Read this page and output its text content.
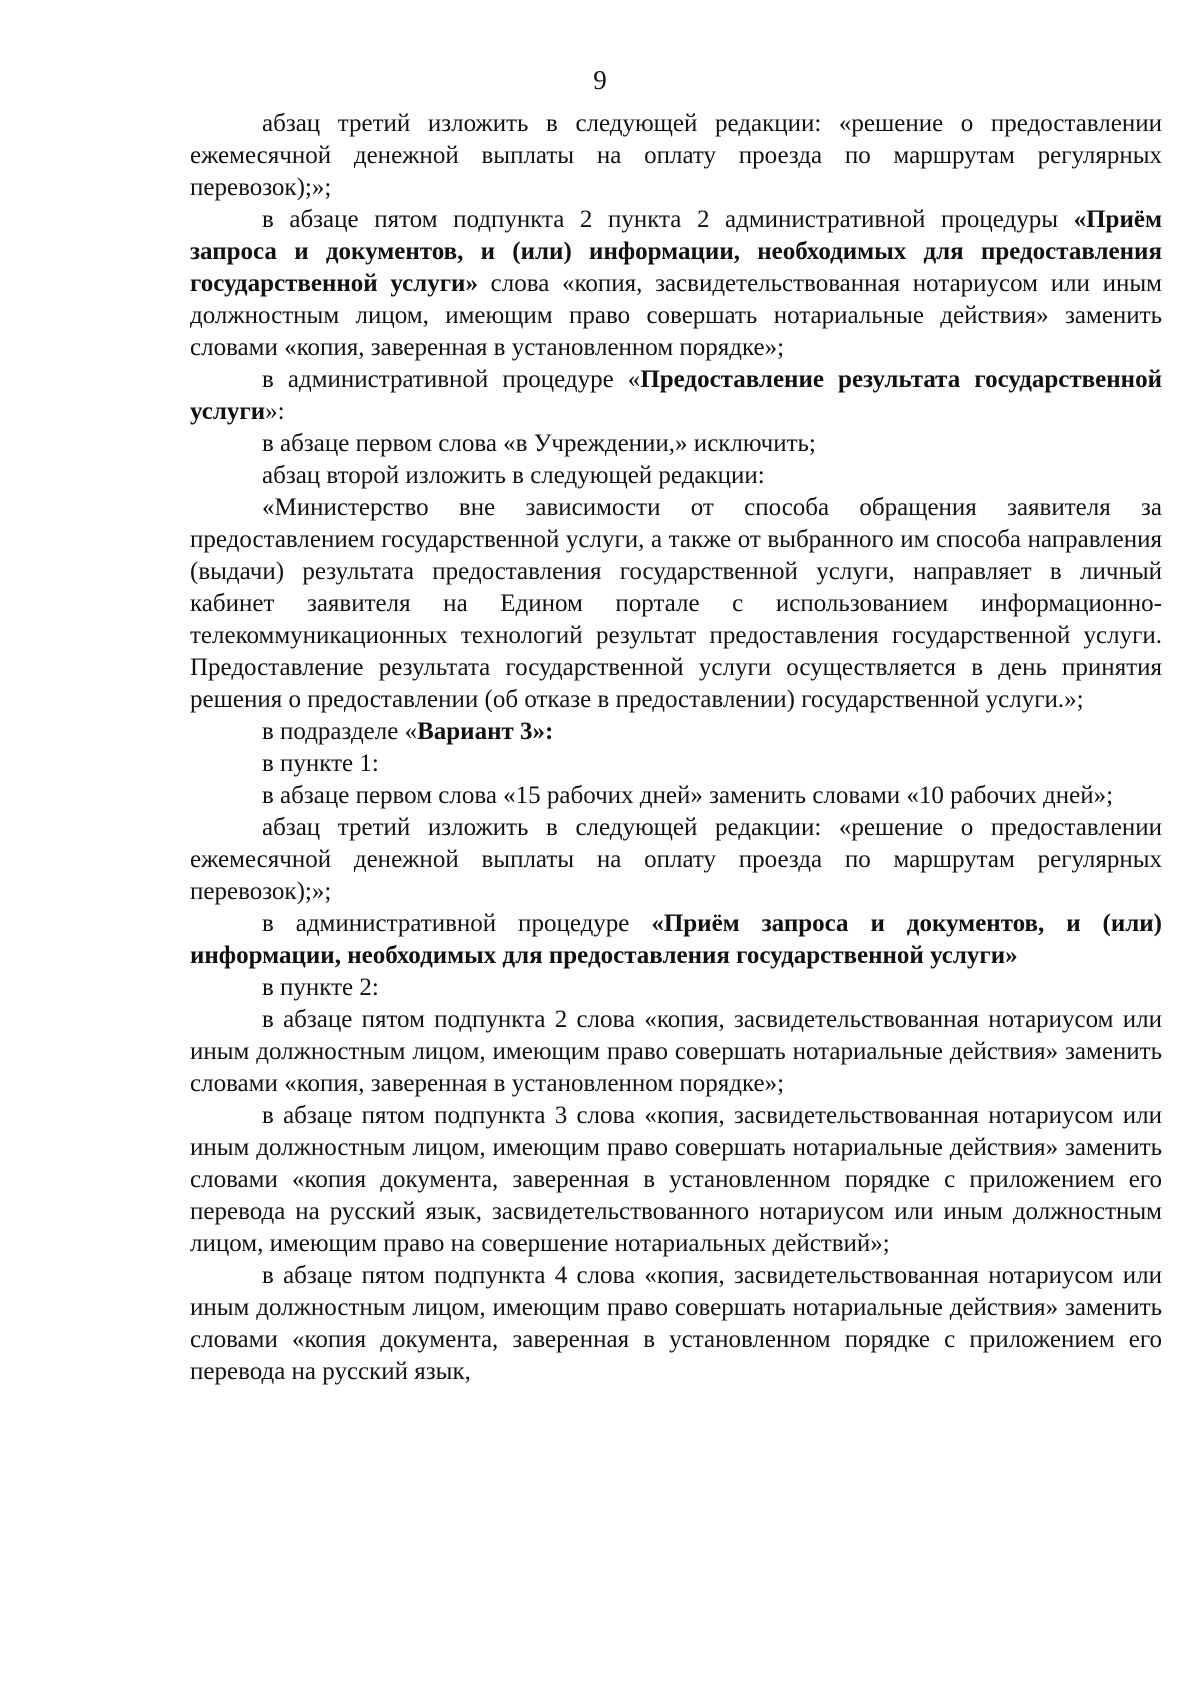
9

абзац третий изложить в следующей редакции: «решение о предоставлении ежемесячной денежной выплаты на оплату проезда по маршрутам регулярных перевозок);»;

в абзаце пятом подпункта 2 пункта 2 административной процедуры «Приём запроса и документов, и (или) информации, необходимых для предоставления государственной услуги» слова «копия, засвидетельствованная нотариусом или иным должностным лицом, имеющим право совершать нотариальные действия» заменить словами «копия, заверенная в установленном порядке»;

в административной процедуре «Предоставление результата государственной услуги»:

в абзаце первом слова «в Учреждении,» исключить;

абзац второй изложить в следующей редакции:

«Министерство вне зависимости от способа обращения заявителя за предоставлением государственной услуги, а также от выбранного им способа направления (выдачи) результата предоставления государственной услуги, направляет в личный кабинет заявителя на Едином портале с использованием информационно-телекоммуникационных технологий результат предоставления государственной услуги. Предоставление результата государственной услуги осуществляется в день принятия решения о предоставлении (об отказе в предоставлении) государственной услуги.»;

в подразделе «Вариант 3»:

в пункте 1:

в абзаце первом слова «15 рабочих дней» заменить словами «10 рабочих дней»;

абзац третий изложить в следующей редакции: «решение о предоставлении ежемесячной денежной выплаты на оплату проезда по маршрутам регулярных перевозок);»;

в административной процедуре «Приём запроса и документов, и (или) информации, необходимых для предоставления государственной услуги»

в пункте 2:

в абзаце пятом подпункта 2 слова «копия, засвидетельствованная нотариусом или иным должностным лицом, имеющим право совершать нотариальные действия» заменить словами «копия, заверенная в установленном порядке»;

в абзаце пятом подпункта 3 слова «копия, засвидетельствованная нотариусом или иным должностным лицом, имеющим право совершать нотариальные действия» заменить словами «копия документа, заверенная в установленном порядке с приложением его перевода на русский язык, засвидетельствованного нотариусом или иным должностным лицом, имеющим право на совершение нотариальных действий»;

в абзаце пятом подпункта 4 слова «копия, засвидетельствованная нотариусом или иным должностным лицом, имеющим право совершать нотариальные действия» заменить словами «копия документа, заверенная в установленном порядке с приложением его перевода на русский язык,
